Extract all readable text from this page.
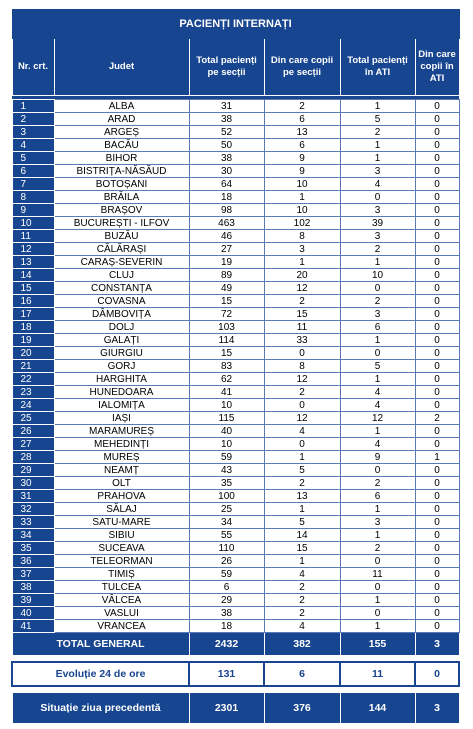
PACIENȚI INTERNAȚI					
Nr. crt.	Judet	Total pacienți pe secții	Din care copii pe secții	Total pacienți în ATI	Din care copii în ATI

1	ALBA	31	2	1	0
2	ARAD	38	6	5	0
3	ARGEȘ	52	13	2	0
4	BACĂU	50	6	1	0
5	BIHOR	38	9	1	0
6	BISTRIȚA-NĂSĂUD	30	9	3	0
7	BOTOȘANI	64	10	4	0
8	BRĂILA	18	1	0	0
9	BRAȘOV	98	10	3	0
10	BUCUREȘTI - ILFOV	463	102	39	0
11	BUZĂU	46	8	3	0
12	CĂLĂRAȘI	27	3	2	0
13	CARAȘ-SEVERIN	19	1	1	0
14	CLUJ	89	20	10	0
15	CONSTANȚA	49	12	0	0
16	COVASNA	15	2	2	0
17	DÂMBOVIȚA	72	15	3	0
18	DOLJ	103	11	6	0
19	GALAȚI	114	33	1	0
20	GIURGIU	15	0	0	0
21	GORJ	83	8	5	0
22	HARGHITA	62	12	1	0
23	HUNEDOARA	41	2	4	0
24	IALOMIȚA	10	0	4	0
25	IAȘI	115	12	12	2
26	MARAMUREȘ	40	4	1	0
27	MEHEDINȚI	10	0	4	0
28	MUREȘ	59	1	9	1
29	NEAMȚ	43	5	0	0
30	OLT	35	2	2	0
31	PRAHOVA	100	13	6	0
32	SĂLAJ	25	1	1	0
33	SATU-MARE	34	5	3	0
34	SIBIU	55	14	1	0
35	SUCEAVA	110	15	2	0
36	TELEORMAN	26	1	0	0
37	TIMIȘ	59	4	11	0
38	TULCEA	6	2	0	0
39	VÂLCEA	29	2	1	0
40	VASLUI	38	2	0	0
41	VRANCEA	18	4	1	0
TOTAL GENERAL		2432	382	155	3

Evoluție 24 de ore		131	6	11	0

Situație ziua precedentă		2301	376	144	3
